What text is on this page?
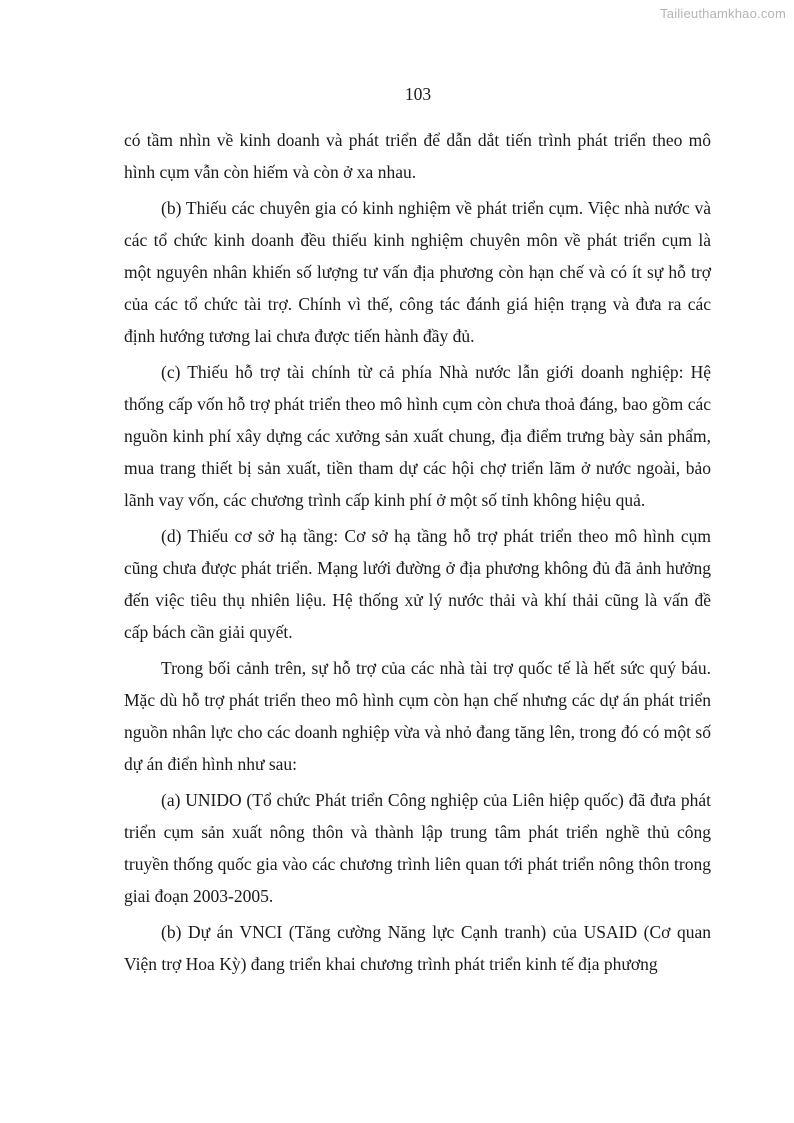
Tailieuthamkhao.com
103

có tầm nhìn về kinh doanh và phát triển để dẫn dắt tiến trình phát triển theo mô hình cụm vẫn còn hiếm và còn ở xa nhau.

(b) Thiếu các chuyên gia có kinh nghiệm về phát triển cụm. Việc nhà nước và các tổ chức kinh doanh đều thiếu kinh nghiệm chuyên môn về phát triển cụm là một nguyên nhân khiến số lượng tư vấn địa phương còn hạn chế và có ít sự hỗ trợ của các tổ chức tài trợ. Chính vì thế, công tác đánh giá hiện trạng và đưa ra các định hướng tương lai chưa được tiến hành đầy đủ.

(c) Thiếu hỗ trợ tài chính từ cả phía Nhà nước lẫn giới doanh nghiệp: Hệ thống cấp vốn hỗ trợ phát triển theo mô hình cụm còn chưa thoả đáng, bao gồm các nguồn kinh phí xây dựng các xưởng sản xuất chung, địa điểm trưng bày sản phẩm, mua trang thiết bị sản xuất, tiền tham dự các hội chợ triển lãm ở nước ngoài, bảo lãnh vay vốn, các chương trình cấp kinh phí ở một số tỉnh không hiệu quả.

(d) Thiếu cơ sở hạ tầng: Cơ sở hạ tầng hỗ trợ phát triển theo mô hình cụm cũng chưa được phát triển. Mạng lưới đường ở địa phương không đủ đã ảnh hưởng đến việc tiêu thụ nhiên liệu. Hệ thống xử lý nước thải và khí thải cũng là vấn đề cấp bách cần giải quyết.

Trong bối cảnh trên, sự hỗ trợ của các nhà tài trợ quốc tế là hết sức quý báu. Mặc dù hỗ trợ phát triển theo mô hình cụm còn hạn chế nhưng các dự án phát triển nguồn nhân lực cho các doanh nghiệp vừa và nhỏ đang tăng lên, trong đó có một số dự án điển hình như sau:

(a) UNIDO (Tổ chức Phát triển Công nghiệp của Liên hiệp quốc) đã đưa phát triển cụm sản xuất nông thôn và thành lập trung tâm phát triển nghề thủ công truyền thống quốc gia vào các chương trình liên quan tới phát triển nông thôn trong giai đoạn 2003-2005.

(b) Dự án VNCI (Tăng cường Năng lực Cạnh tranh) của USAID (Cơ quan Viện trợ Hoa Kỳ) đang triển khai chương trình phát triển kinh tế địa phương
